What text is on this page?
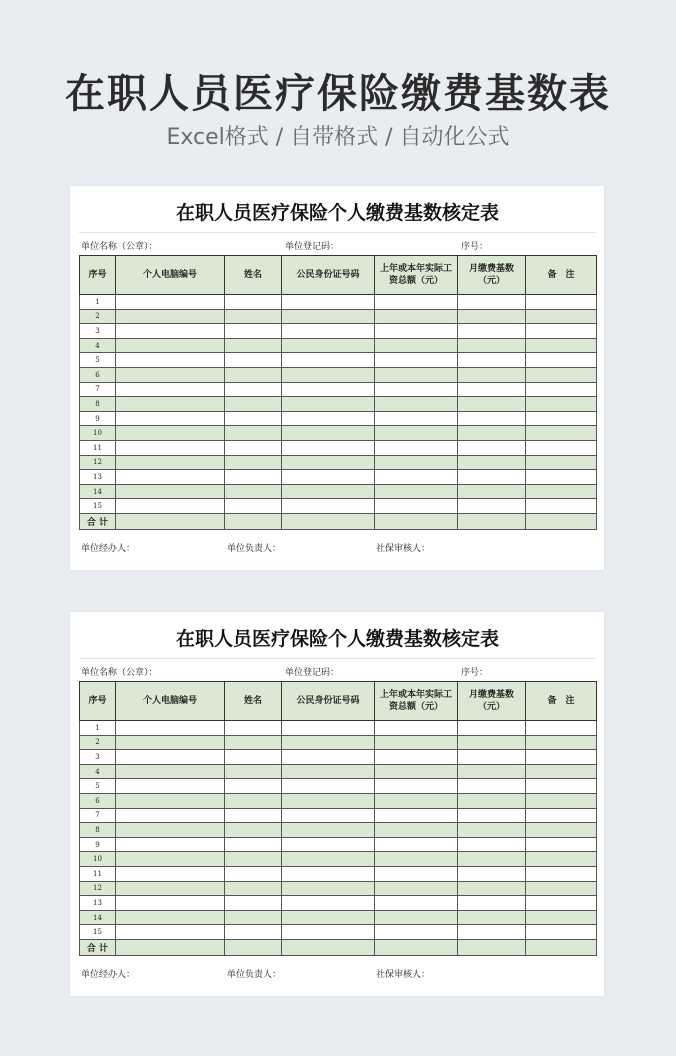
在职人员医疗保险缴费基数表
Excel格式 / 自带格式 / 自动化公式
在职人员医疗保险个人缴费基数核定表
单位名称（公章）：	单位登记码：	序号：
序号	个人电脑编号	姓名	公民身份证号码	上年或本年实际工资总额（元）	月缴费基数（元）	备　注
1						
2						
3						
4						
5						
6						
7						
8						
9						
10						
11						
12						
13						
14						
15						
合 计						
单位经办人：	单位负责人：	社保审核人：
在职人员医疗保险个人缴费基数核定表
单位名称（公章）：	单位登记码：	序号：
序号	个人电脑编号	姓名	公民身份证号码	上年或本年实际工资总额（元）	月缴费基数（元）	备　注
1						
2						
3						
4						
5						
6						
7						
8						
9						
10						
11						
12						
13						
14						
15						
合 计						
单位经办人：	单位负责人：	社保审核人：
